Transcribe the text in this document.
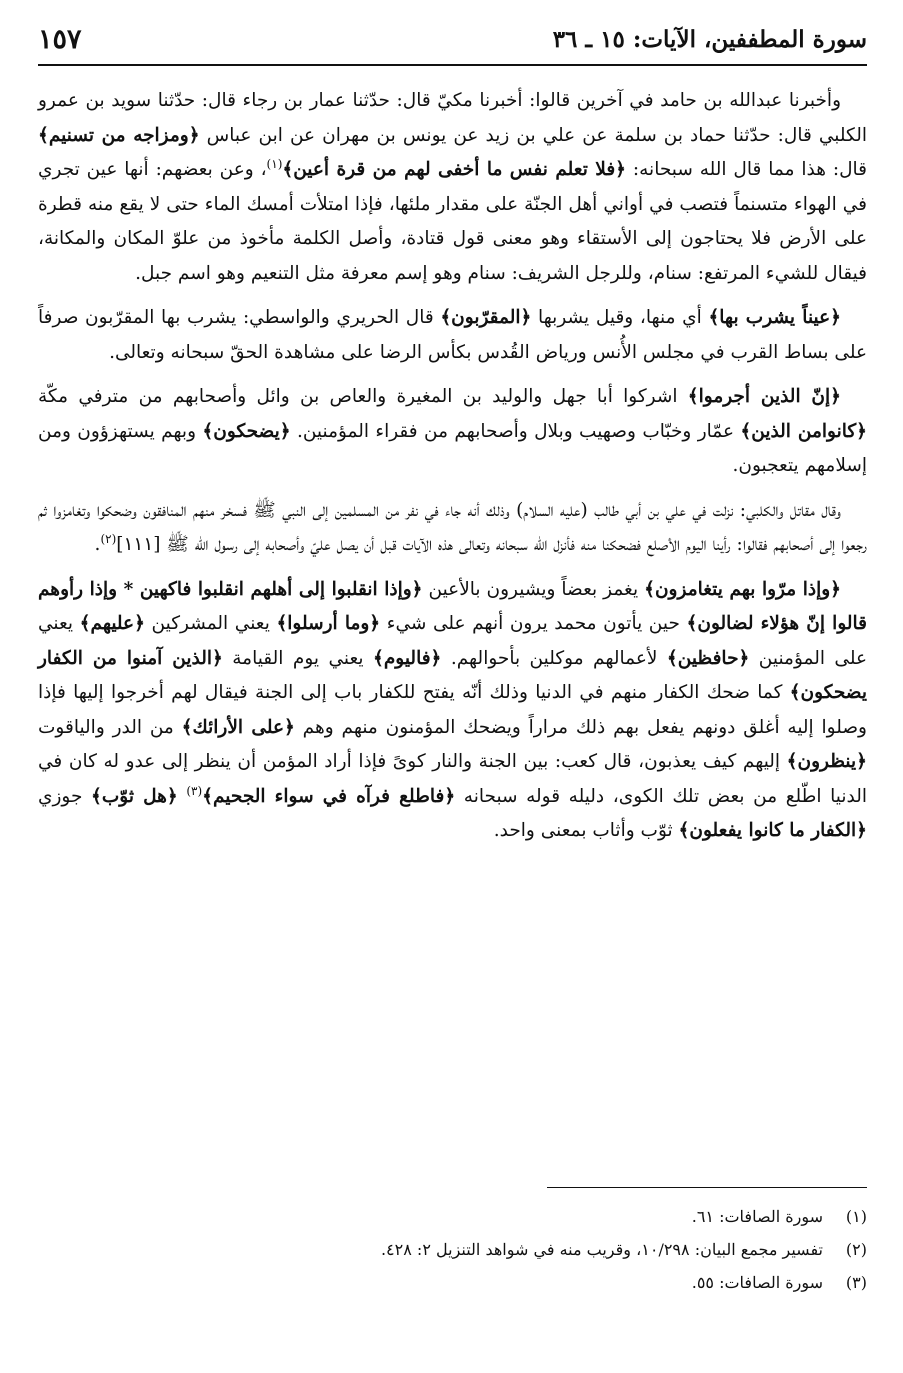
١٥٧	سورة المطففين، الآيات: ١٥ ـ ٣٦

وأخبرنا عبدالله بن حامد في آخرين قالوا: أخبرنا مكيّ قال: حدّثنا عمار بن رجاء قال: حدّثنا سويد بن عمرو الكلبي قال: حدّثنا حماد بن سلمة عن علي بن زيد عن يونس بن مهران عن ابن عباس ﴿ومزاجه من تسنيم﴾ قال: هذا مما قال الله سبحانه: ﴿فلا تعلم نفس ما أخفى لهم من قرة أعين﴾$^{(١)}$، وعن بعضهم: أنها عين تجري في الهواء متسنماً فتصب في أواني أهل الجنّة على مقدار ملئها، فإذا امتلأت أمسك الماء حتى لا يقع منه قطرة على الأرض فلا يحتاجون إلى الأستقاء وهو معنى قول قتادة، وأصل الكلمة مأخوذ من علوّ المكان والمكانة، فيقال للشيء المرتفع: سنام، وللرجل الشريف: سنام وهو إسم معرفة مثل التنعيم وهو اسم جبل.

﴿عيناً يشرب بها﴾ أي منها، وقيل يشربها ﴿المقرّبون﴾ قال الحريري والواسطي: يشرب بها المقرّبون صرفاً على بساط القرب في مجلس الأُنس ورياض القُدس بكأس الرضا على مشاهدة الحقّ سبحانه وتعالى.

﴿إنّ الذين أجرموا﴾ اشركوا أبا جهل والوليد بن المغيرة والعاص بن وائل وأصحابهم من مترفي مكّة ﴿كانوامن الذين﴾ عمّار وخبّاب وصهيب وبلال وأصحابهم من فقراء المؤمنين. ﴿يضحكون﴾ وبهم يستهزؤون ومن إسلامهم يتعجبون.

وقال مقاتل والكلبي: نزلت في علي بن أبي طالب (عليه السلام) وذلك أنه جاء في نفر من المسلمين إلى النبي ﷺ فسخر منهم المنافقون وضحكوا وتغامزوا ثم رجعوا إلى أصحابهم فقالوا: رأينا اليوم الأصلع فضحكنا منه فأنزل الله سبحانه وتعالى هذه الآيات قبل أن يصل عليّ وأصحابه إلى رسول الله ﷺ [١١١]$^{(٢)}$.

﴿وإذا مرّوا بهم يتغامزون﴾ يغمز بعضاً ويشيرون بالأعين ﴿وإذا انقلبوا إلى أهلهم انقلبوا فاكهين * وإذا رأوهم قالوا إنّ هؤلاء لضالون﴾ حين يأتون محمد يرون أنهم على شيء ﴿وما أرسلوا﴾ يعني المشركين ﴿عليهم﴾ يعني على المؤمنين ﴿حافظين﴾ لأعمالهم موكلين بأحوالهم. ﴿فاليوم﴾ يعني يوم القيامة ﴿الذين آمنوا من الكفار يضحكون﴾ كما ضحك الكفار منهم في الدنيا وذلك أنّه يفتح للكفار باب إلى الجنة فيقال لهم أخرجوا إليها فإذا وصلوا إليه أغلق دونهم يفعل بهم ذلك مراراً ويضحك المؤمنون منهم وهم ﴿على الأرائك﴾ من الدر والياقوت ﴿ينظرون﴾ إليهم كيف يعذبون، قال كعب: بين الجنة والنار كوىً فإذا أراد المؤمن أن ينظر إلى عدو له كان في الدنيا اطّلع من بعض تلك الكوى، دليله قوله سبحانه ﴿فاطلع فرآه في سواء الجحيم﴾$^{(٣)}$ ﴿هل ثوّب﴾ جوزي ﴿الكفار ما كانوا يفعلون﴾ ثوّب وأثاب بمعنى واحد.

(١)سورة الصافات: ٦١.
(٢)تفسير مجمع البيان: ١٠/٢٩٨، وقريب منه في شواهد التنزيل ٢: ٤٢٨.
(٣)سورة الصافات: ٥٥.
